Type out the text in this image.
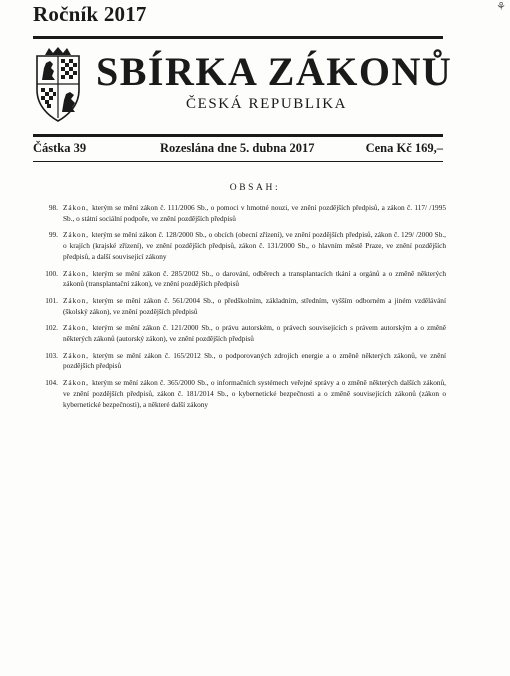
Ročník 2017	⚘
SBÍRKA ZÁKONŮ
ČESKÁ REPUBLIKA
Částka 39	Rozeslána dne 5. dubna 2017	Cena Kč 169,–
OBSAH:
98. Zákon, kterým se mění zákon č. 111/2006 Sb., o pomoci v hmotné nouzi, ve znění pozdějších předpisů, a zákon č. 117/ /1995 Sb., o státní sociální podpoře, ve znění pozdějších předpisů
99. Zákon, kterým se mění zákon č. 128/2000 Sb., o obcích (obecní zřízení), ve znění pozdějších předpisů, zákon č. 129/ /2000 Sb., o krajích (krajské zřízení), ve znění pozdějších předpisů, zákon č. 131/2000 Sb., o hlavním městě Praze, ve znění pozdějších předpisů, a další související zákony
100. Zákon, kterým se mění zákon č. 285/2002 Sb., o darování, odběrech a transplantacích tkání a orgánů a o změně některých zákonů (transplantační zákon), ve znění pozdějších předpisů
101. Zákon, kterým se mění zákon č. 561/2004 Sb., o předškolním, základním, středním, vyšším odborném a jiném vzdělávání (školský zákon), ve znění pozdějších předpisů
102. Zákon, kterým se mění zákon č. 121/2000 Sb., o právu autorském, o právech souvisejících s právem autorským a o změně některých zákonů (autorský zákon), ve znění pozdějších předpisů
103. Zákon, kterým se mění zákon č. 165/2012 Sb., o podporovaných zdrojích energie a o změně některých zákonů, ve znění pozdějších předpisů
104. Zákon, kterým se mění zákon č. 365/2000 Sb., o informačních systémech veřejné správy a o změně některých dalších zákonů, ve znění pozdějších předpisů, zákon č. 181/2014 Sb., o kybernetické bezpečnosti a o změně souvisejících zákonů (zákon o kybernetické bezpečnosti), a některé další zákony
